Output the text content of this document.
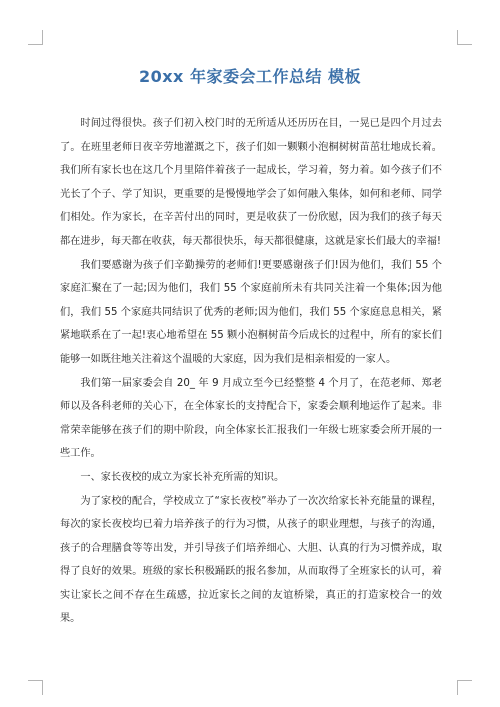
20xx 年家委会工作总结 模板

时间过得很快。孩子们初入校门时的无所适从还历历在目，一晃已是四个月过去了。在班里老师日夜辛劳地灌溉之下，孩子们如一颗颗小泡桐树树苗茁壮地成长着。我们所有家长也在这几个月里陪伴着孩子一起成长，学习着，努力着。如今孩子们不光长了个子、学了知识，更重要的是慢慢地学会了如何融入集体，如何和老师、同学们相处。作为家长，在辛苦付出的同时，更是收获了一份欣慰，因为我们的孩子每天都在进步，每天都在收获，每天都很快乐，每天都很健康，这就是家长们最大的幸福!

我们要感谢为孩子们辛勤操劳的老师们!更要感谢孩子们!因为他们，我们 55 个家庭汇聚在了一起;因为他们，我们 55 个家庭前所未有共同关注着一个集体;因为他们，我们 55 个家庭共同结识了优秀的老师;因为他们，我们 55 个家庭息息相关，紧紧地联系在了一起!衷心地希望在 55 颗小泡桐树苗今后成长的过程中，所有的家长们能够一如既往地关注着这个温暖的大家庭，因为我们是相亲相爱的一家人。

我们第一届家委会自 20_ 年 9 月成立至今已经整整 4 个月了，在范老师、郑老师以及各科老师的关心下，在全体家长的支持配合下，家委会顺利地运作了起来。非常荣幸能够在孩子们的期中阶段，向全体家长汇报我们一年级七班家委会所开展的一些工作。

一、家长夜校的成立为家长补充所需的知识。

为了家校的配合，学校成立了“家长夜校”举办了一次次给家长补充能量的课程，每次的家长夜校均已着力培养孩子的行为习惯，从孩子的职业理想，与孩子的沟通，孩子的合理膳食等等出发，并引导孩子们培养细心、大胆、认真的行为习惯养成，取得了良好的效果。班级的家长积极踊跃的报名参加，从而取得了全班家长的认可，着实让家长之间不存在生疏感，拉近家长之间的友谊桥梁，真正的打造家校合一的效果。
